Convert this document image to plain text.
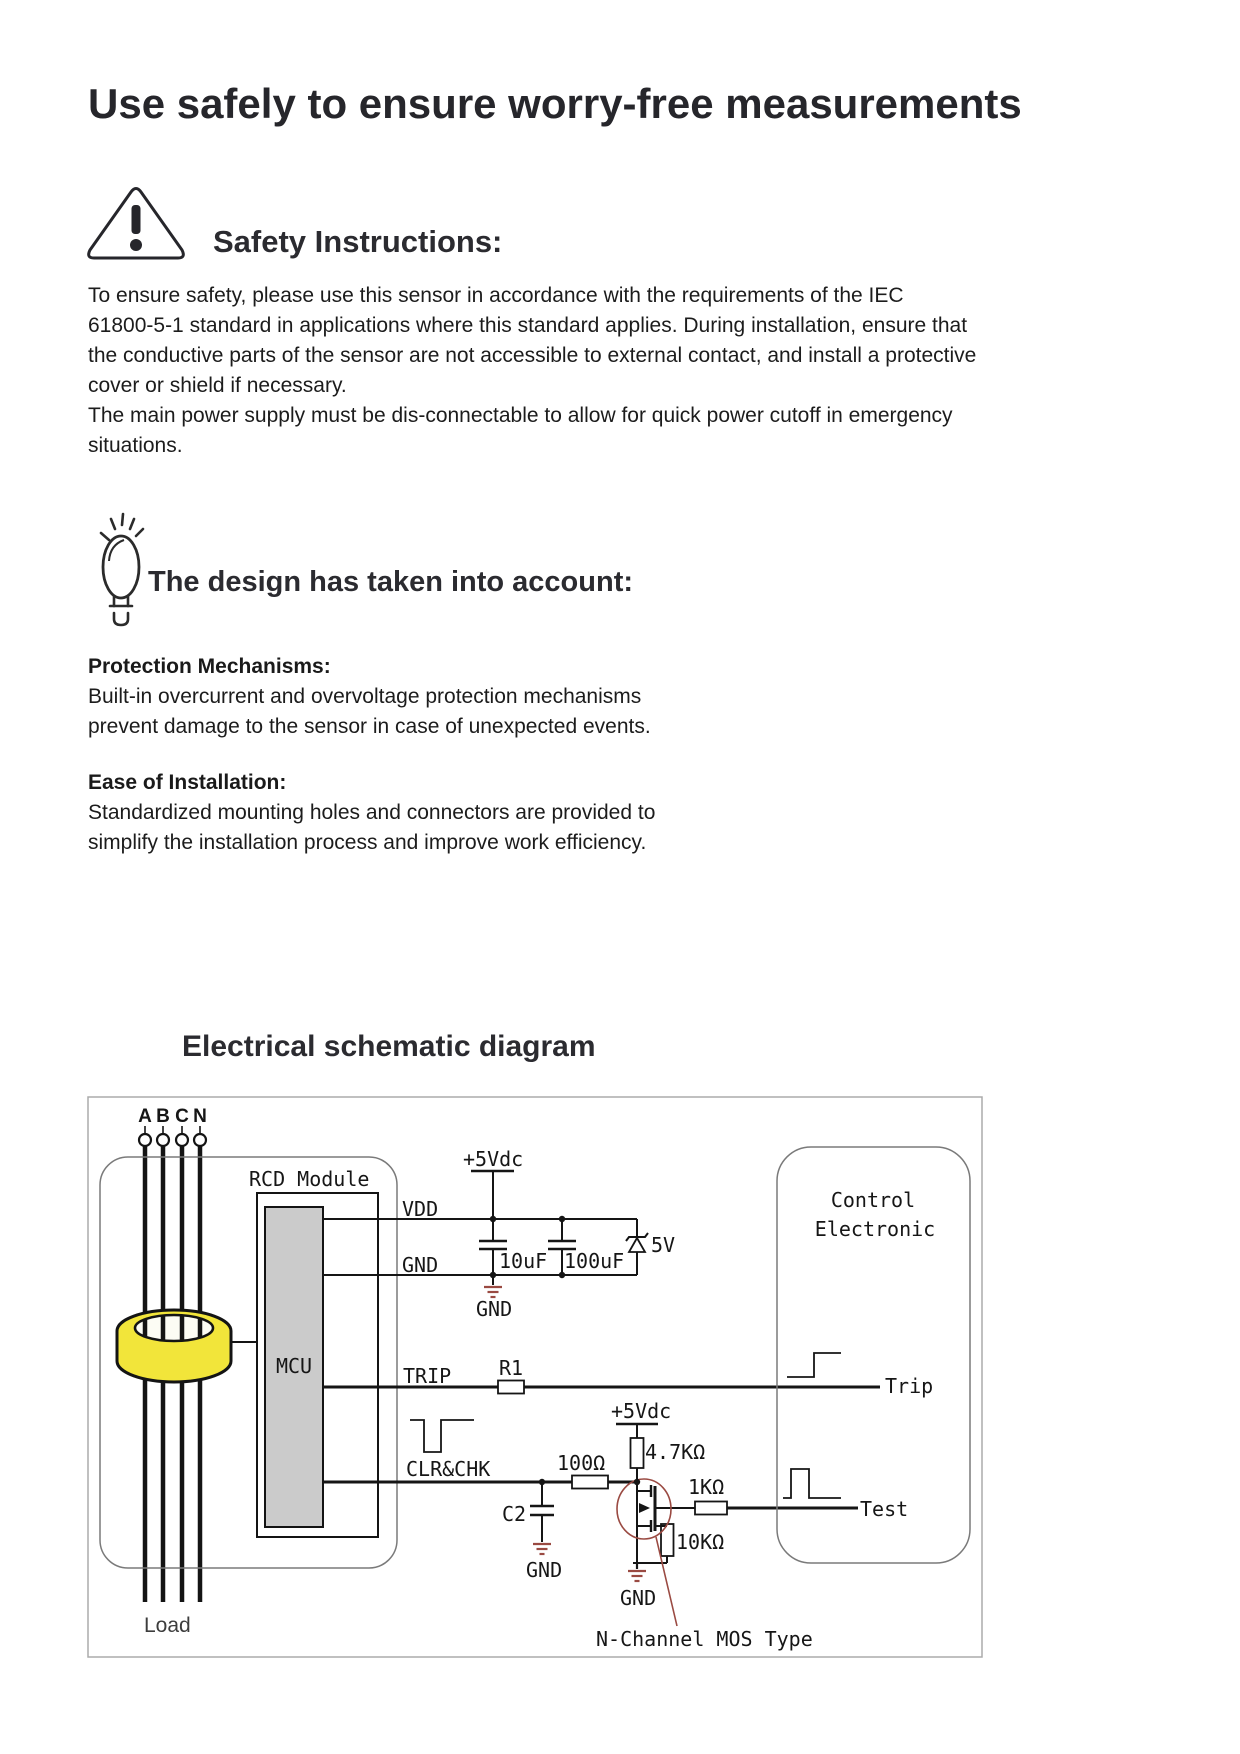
Use safely to ensure worry-free measurements
Safety Instructions:
To ensure safety, please use this sensor in accordance with the requirements of the IEC
61800-5-1 standard in applications where this standard applies. During installation, ensure that
the conductive parts of the sensor are not accessible to external contact, and install a protective
cover or shield if necessary.
The main power supply must be dis-connectable to allow for quick power cutoff in emergency
situations.
The design has taken into account:
Protection Mechanisms:
Built-in overcurrent and overvoltage protection mechanisms
prevent damage to the sensor in case of unexpected events.
Ease of Installation:
Standardized mounting holes and connectors are provided to
simplify the installation process and improve work efficiency.
Electrical schematic diagram
A B C N
RCD Module
MCU
Control
Electronic
VDD
GND
TRIP
CLR&CHK
+5Vdc
10uF 100uF
5V
R1
100Ω
+5Vdc
4.7KΩ
C2
1KΩ
10KΩ
Trip
Test
GND
GND
GND
N-Channel MOS Type
Load
